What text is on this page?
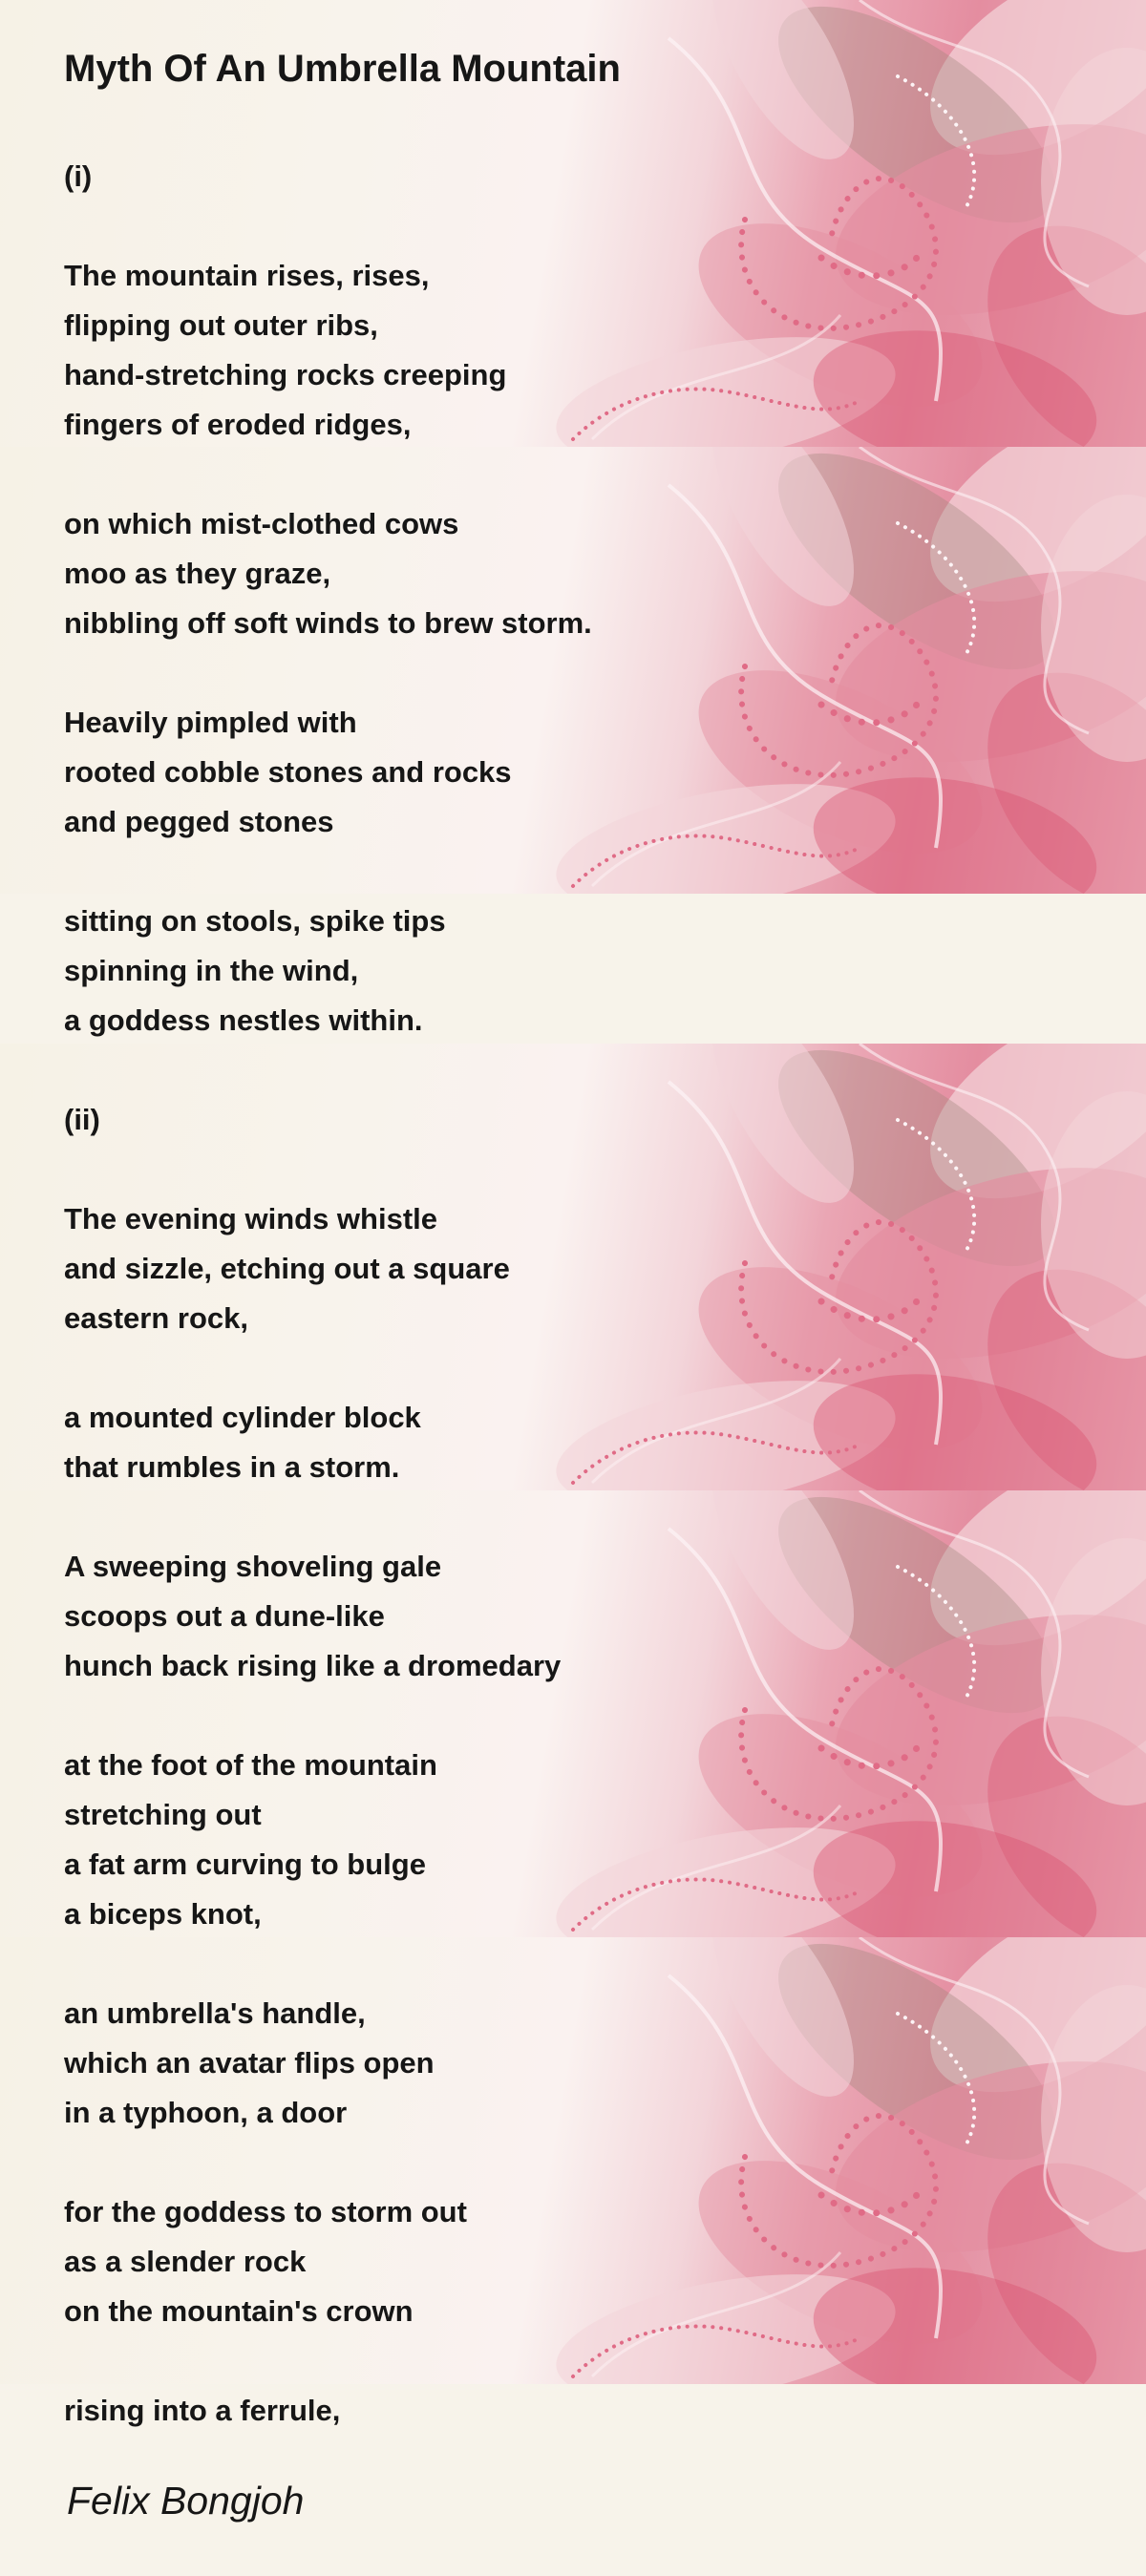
Myth Of An Umbrella Mountain
(i)
The mountain rises, rises,
flipping out outer ribs,
hand-stretching rocks creeping
fingers of eroded ridges,
on which mist-clothed cows
moo as they graze,
nibbling off soft winds to brew storm.
Heavily pimpled with
rooted cobble stones and rocks
and pegged stones
sitting on stools, spike tips
spinning in the wind,
a goddess nestles within.
(ii)
The evening winds whistle
and sizzle, etching out a square
eastern rock,
a mounted cylinder block
that rumbles in a storm.
A sweeping shoveling gale
scoops out a dune-like
hunch back rising like a dromedary
at the foot of the mountain
stretching out
a fat arm curving to bulge
a biceps knot,
an umbrella's handle,
which an avatar flips open
in a typhoon, a door
for the goddess to storm out
as a slender rock
on the mountain's crown
rising into a ferrule,
Felix Bongjoh
